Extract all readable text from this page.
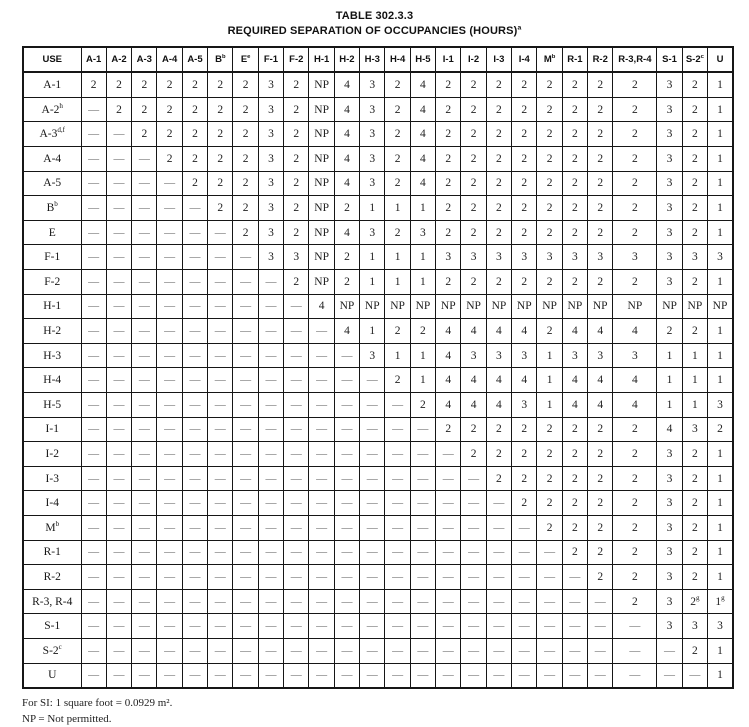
TABLE 302.3.3
REQUIRED SEPARATION OF OCCUPANCIES (HOURS)$^a$
USE	A-1	A-2	A-3	A-4	A-5	$B^b$	$E^e$	F-1	F-2	H-1	H-2	H-3	H-4	H-5	I-1	I-2	I-3	I-4	$M^b$	R-1	R-2	R-3,R-4	S-1	S-2$^c$	U
A-1	2	2	2	2	2	2	2	3	2	NP	4	3	2	4	2	2	2	2	2	2	2	2	3	2	1
A-2$^h$	—	2	2	2	2	2	2	3	2	NP	4	3	2	4	2	2	2	2	2	2	2	2	3	2	1
A-3$^{d,f}$	—	—	2	2	2	2	2	3	2	NP	4	3	2	4	2	2	2	2	2	2	2	2	3	2	1
A-4	—	—	—	2	2	2	2	3	2	NP	4	3	2	4	2	2	2	2	2	2	2	2	3	2	1
A-5	—	—	—	—	2	2	2	3	2	NP	4	3	2	4	2	2	2	2	2	2	2	2	3	2	1
$B^b$	—	—	—	—	—	2	2	3	2	NP	2	1	1	1	2	2	2	2	2	2	2	2	3	2	1
E	—	—	—	—	—	—	2	3	2	NP	4	3	2	3	2	2	2	2	2	2	2	2	3	2	1
F-1	—	—	—	—	—	—	—	3	3	NP	2	1	1	1	3	3	3	3	3	3	3	3	3	3	3
F-2	—	—	—	—	—	—	—	—	2	NP	2	1	1	1	2	2	2	2	2	2	2	2	3	2	1
H-1	—	—	—	—	—	—	—	—	—	4	NP	NP	NP	NP	NP	NP	NP	NP	NP	NP	NP	NP	NP	NP	NP
H-2	—	—	—	—	—	—	—	—	—	—	4	1	2	2	4	4	4	4	2	4	4	4	2	2	1
H-3	—	—	—	—	—	—	—	—	—	—	—	3	1	1	4	3	3	3	1	3	3	3	1	1	1
H-4	—	—	—	—	—	—	—	—	—	—	—	—	2	1	4	4	4	4	1	4	4	4	1	1	1
H-5	—	—	—	—	—	—	—	—	—	—	—	—	—	2	4	4	4	3	1	4	4	4	1	1	3
I-1	—	—	—	—	—	—	—	—	—	—	—	—	—	—	2	2	2	2	2	2	2	2	4	3	2
I-2	—	—	—	—	—	—	—	—	—	—	—	—	—	—	—	2	2	2	2	2	2	2	3	2	1
I-3	—	—	—	—	—	—	—	—	—	—	—	—	—	—	—	—	2	2	2	2	2	2	3	2	1
I-4	—	—	—	—	—	—	—	—	—	—	—	—	—	—	—	—	—	2	2	2	2	2	3	2	1
$M^b$	—	—	—	—	—	—	—	—	—	—	—	—	—	—	—	—	—	—	2	2	2	2	3	2	1
R-1	—	—	—	—	—	—	—	—	—	—	—	—	—	—	—	—	—	—	—	2	2	2	3	2	1
R-2	—	—	—	—	—	—	—	—	—	—	—	—	—	—	—	—	—	—	—	—	2	2	3	2	1
R-3, R-4	—	—	—	—	—	—	—	—	—	—	—	—	—	—	—	—	—	—	—	—	—	2	3	2$^g$	1$^g$
S-1	—	—	—	—	—	—	—	—	—	—	—	—	—	—	—	—	—	—	—	—	—	—	3	3	3
S-2$^c$	—	—	—	—	—	—	—	—	—	—	—	—	—	—	—	—	—	—	—	—	—	—	—	2	1
U	—	—	—	—	—	—	—	—	—	—	—	—	—	—	—	—	—	—	—	—	—	—	—	—	1
For SI: 1 square foot = 0.0929 m².
NP = Not permitted.
